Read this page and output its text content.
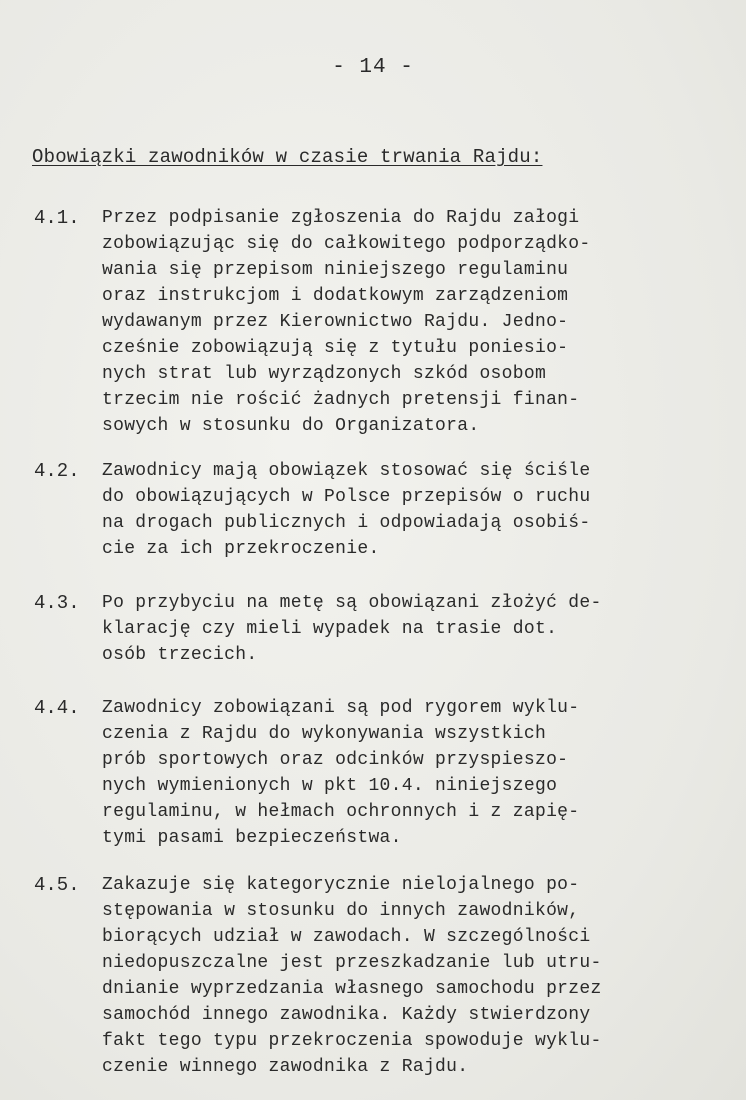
- 14 -
Obowiązki zawodników w czasie trwania Rajdu:
4.1.	Przez podpisanie zgłoszenia do Rajdu załogi
zobowiązując się do całkowitego podporządko-
wania się przepisom niniejszego regulaminu
oraz instrukcjom i dodatkowym zarządzeniom
wydawanym przez Kierownictwo Rajdu. Jedno-
cześnie zobowiązują się z tytułu poniesio-
nych strat lub wyrządzonych szkód osobom
trzecim nie rościć żadnych pretensji finan-
sowych w stosunku do Organizatora.
4.2.	Zawodnicy mają obowiązek stosować się ściśle
do obowiązujących w Polsce przepisów o ruchu
na drogach publicznych i odpowiadają osobiś-
cie za ich przekroczenie.
4.3.	Po przybyciu na metę są obowiązani złożyć de-
klarację czy mieli wypadek na trasie dot.
osób trzecich.
4.4.	Zawodnicy zobowiązani są pod rygorem wyklu-
czenia z Rajdu do wykonywania wszystkich
prób sportowych oraz odcinków przyspieszo-
nych wymienionych w pkt 10.4. niniejszego
regulaminu, w hełmach ochronnych i z zapię-
tymi pasami bezpieczeństwa.
4.5.	Zakazuje się kategorycznie nielojalnego po-
stępowania w stosunku do innych zawodników,
biorących udział w zawodach. W szczególności
niedopuszczalne jest przeszkadzanie lub utru-
dnianie wyprzedzania własnego samochodu przez
samochód innego zawodnika. Każdy stwierdzony
fakt tego typu przekroczenia spowoduje wyklu-
czenie winnego zawodnika z Rajdu.
